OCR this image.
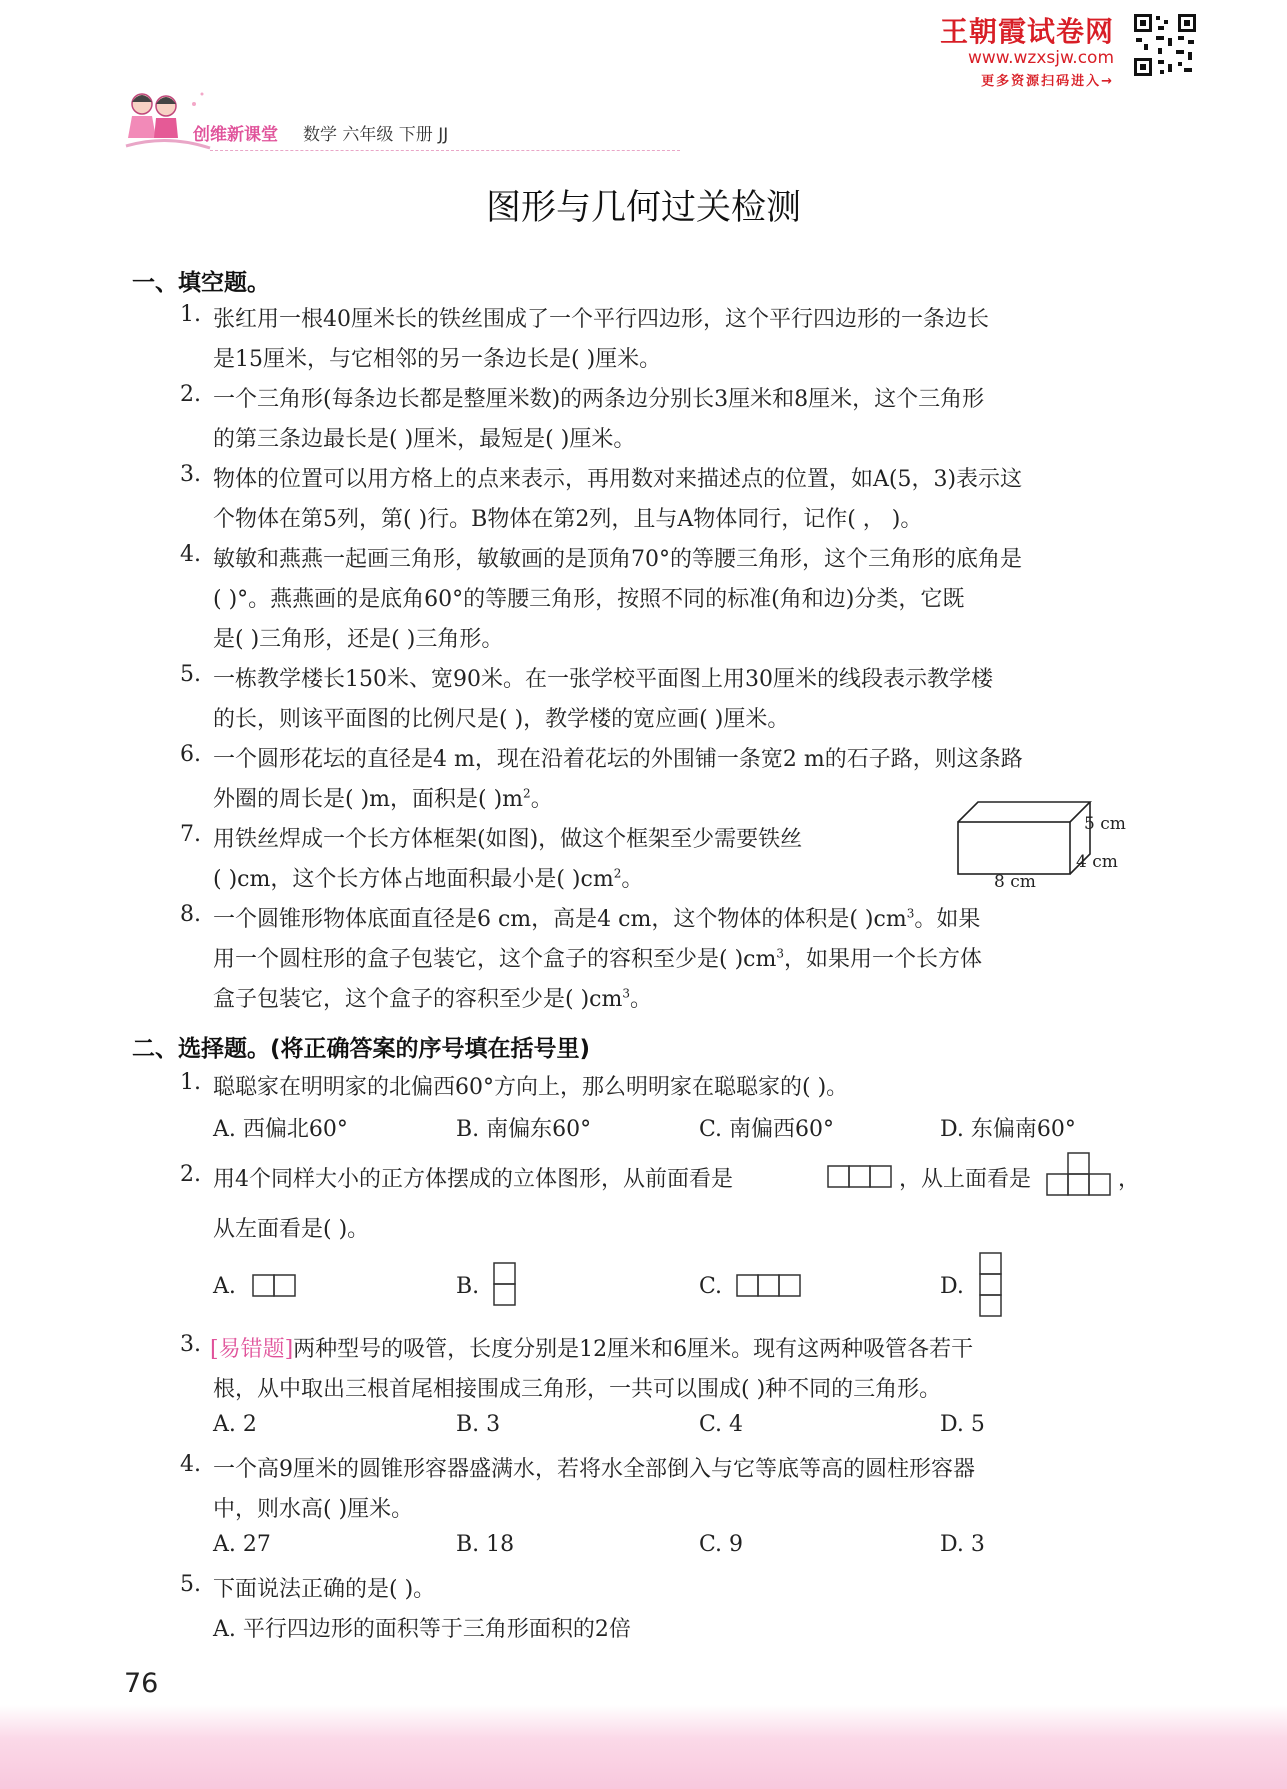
王朝霞试卷网
www.wzxsjw.com
更多资源扫码进入→
创维新课堂 数学 六年级 下册 JJ
图形与几何过关检测
一、填空题。
1. 张红用一根40厘米长的铁丝围成了一个平行四边形，这个平行四边形的一条边长
是15厘米，与它相邻的另一条边长是( )厘米。
2. 一个三角形(每条边长都是整厘米数)的两条边分别长3厘米和8厘米，这个三角形
的第三条边最长是( )厘米，最短是( )厘米。
3. 物体的位置可以用方格上的点来表示，再用数对来描述点的位置，如A(5，3)表示这
个物体在第5列，第( )行。B物体在第2列，且与A物体同行，记作( ， )。
4. 敏敏和燕燕一起画三角形，敏敏画的是顶角70°的等腰三角形，这个三角形的底角是
( )°。燕燕画的是底角60°的等腰三角形，按照不同的标准(角和边)分类，它既
是( )三角形，还是( )三角形。
5. 一栋教学楼长150米、宽90米。在一张学校平面图上用30厘米的线段表示教学楼
的长，则该平面图的比例尺是( )，教学楼的宽应画( )厘米。
6. 一个圆形花坛的直径是4 m，现在沿着花坛的外围铺一条宽2 m的石子路，则这条路
外圈的周长是( )m，面积是( )$m^2$。
7. 用铁丝焊成一个长方体框架(如图)，做这个框架至少需要铁丝
( )cm，这个长方体占地面积最小是( )$cm^2$。
5 cm
4 cm
8 cm
8. 一个圆锥形物体底面直径是6 cm，高是4 cm，这个物体的体积是( )$cm^3$。如果
用一个圆柱形的盒子包装它，这个盒子的容积至少是( )$cm^3$，如果用一个长方体
盒子包装它，这个盒子的容积至少是( )$cm^3$。
二、选择题。(将正确答案的序号填在括号里)
1. 聪聪家在明明家的北偏西60°方向上，那么明明家在聪聪家的( )。
A. 西偏北60°	B. 南偏东60°	C. 南偏西60°	D. 东偏南60°
2. 用4个同样大小的正方体摆成的立体图形，从前面看是	，从上面看是	，
从左面看是( )。
A.	B.	C.	D.
3. [易错题]两种型号的吸管，长度分别是12厘米和6厘米。现有这两种吸管各若干
根，从中取出三根首尾相接围成三角形，一共可以围成( )种不同的三角形。
A. 2	B. 3	C. 4	D. 5
4. 一个高9厘米的圆锥形容器盛满水，若将水全部倒入与它等底等高的圆柱形容器
中，则水高( )厘米。
A. 27	B. 18	C. 9	D. 3
5. 下面说法正确的是( )。
A. 平行四边形的面积等于三角形面积的2倍
76
